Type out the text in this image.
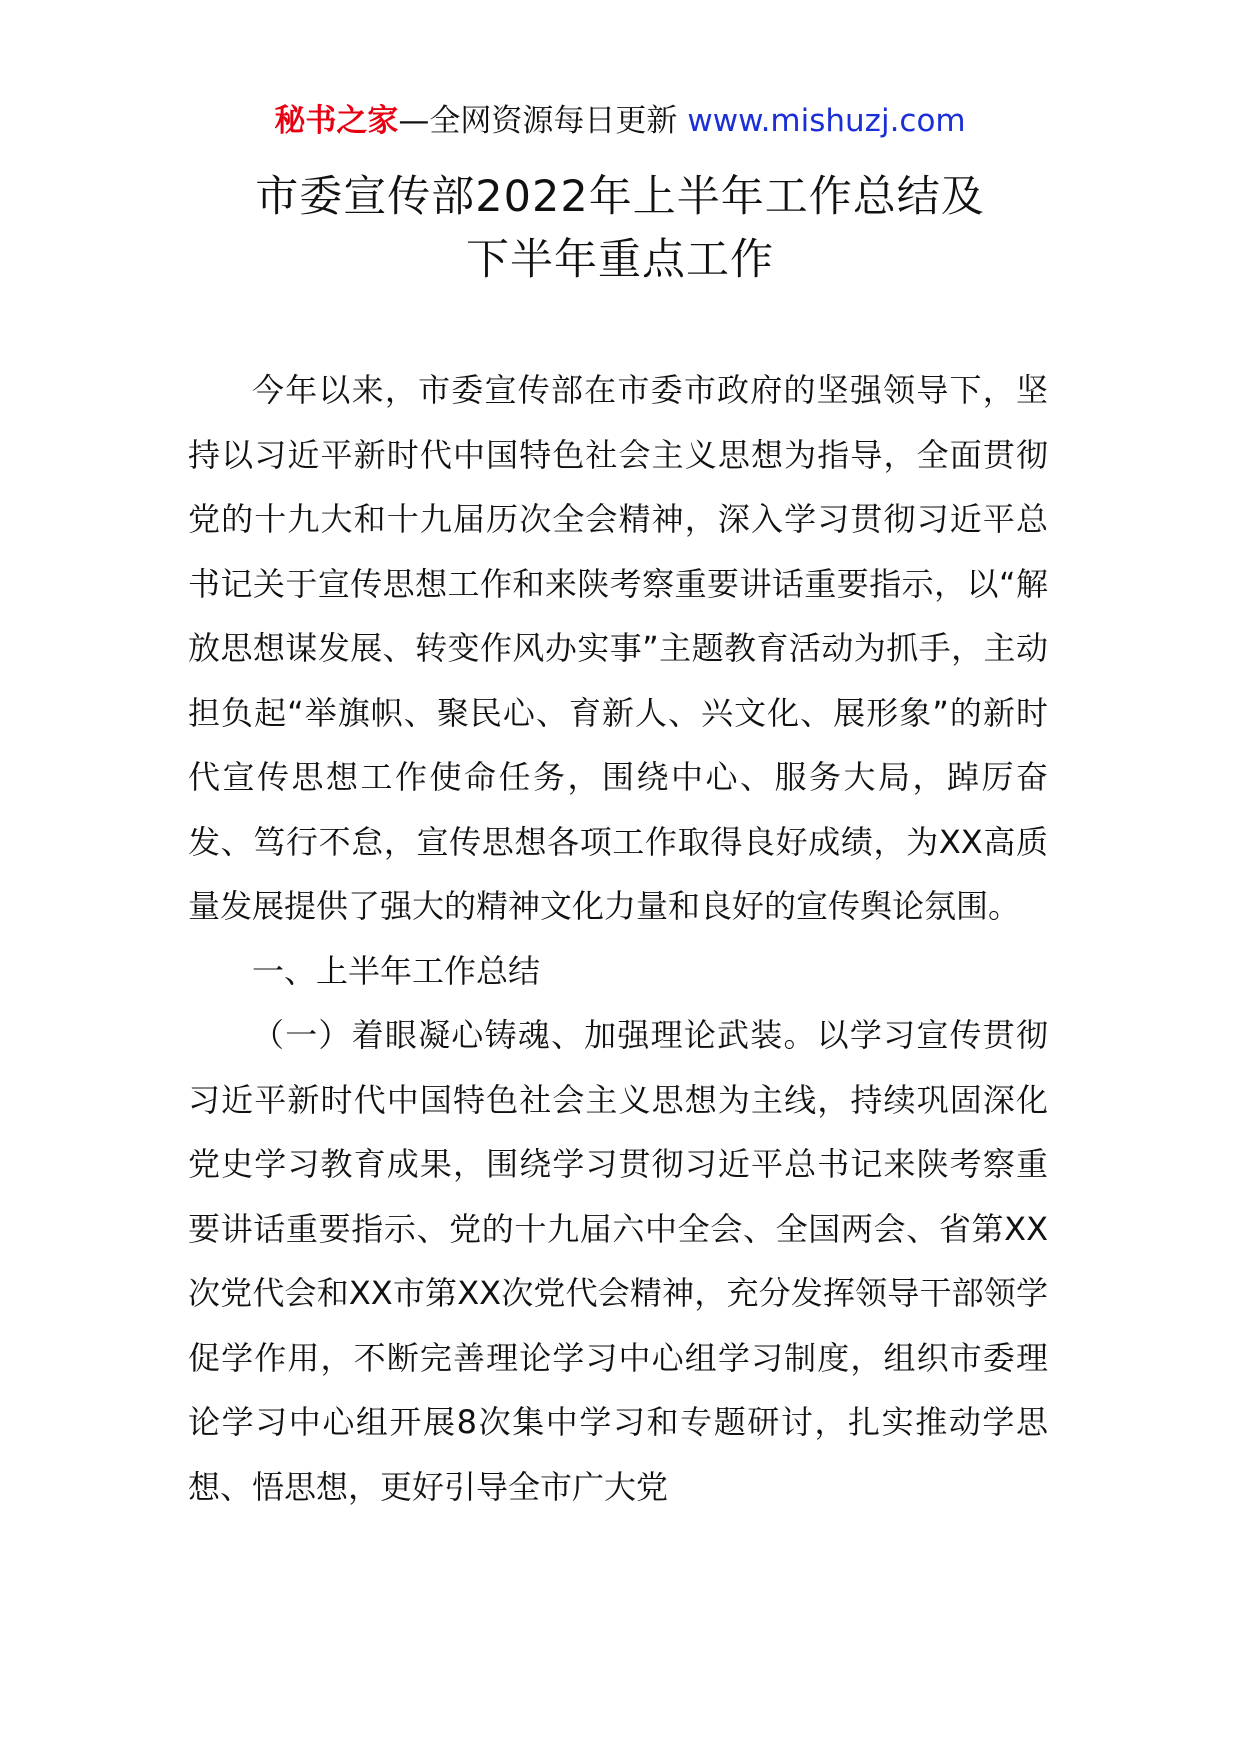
秘书之家—全网资源每日更新 www.mishuzj.com
市委宣传部2022年上半年工作总结及
下半年重点工作

今年以来，市委宣传部在市委市政府的坚强领导下，坚持以习近平新时代中国特色社会主义思想为指导，全面贯彻党的十九大和十九届历次全会精神，深入学习贯彻习近平总书记关于宣传思想工作和来陕考察重要讲话重要指示，以“解放思想谋发展、转变作风办实事”主题教育活动为抓手，主动担负起“举旗帜、聚民心、育新人、兴文化、展形象”的新时代宣传思想工作使命任务，围绕中心、服务大局，踔厉奋发、笃行不怠，宣传思想各项工作取得良好成绩，为XX高质量发展提供了强大的精神文化力量和良好的宣传舆论氛围。

一、上半年工作总结

（一）着眼凝心铸魂、加强理论武装。以学习宣传贯彻习近平新时代中国特色社会主义思想为主线，持续巩固深化党史学习教育成果，围绕学习贯彻习近平总书记来陕考察重要讲话重要指示、党的十九届六中全会、全国两会、省第XX次党代会和XX市第XX次党代会精神，充分发挥领导干部领学促学作用，不断完善理论学习中心组学习制度，组织市委理论学习中心组开展8次集中学习和专题研讨，扎实推动学思想、悟思想，更好引导全市广大党
